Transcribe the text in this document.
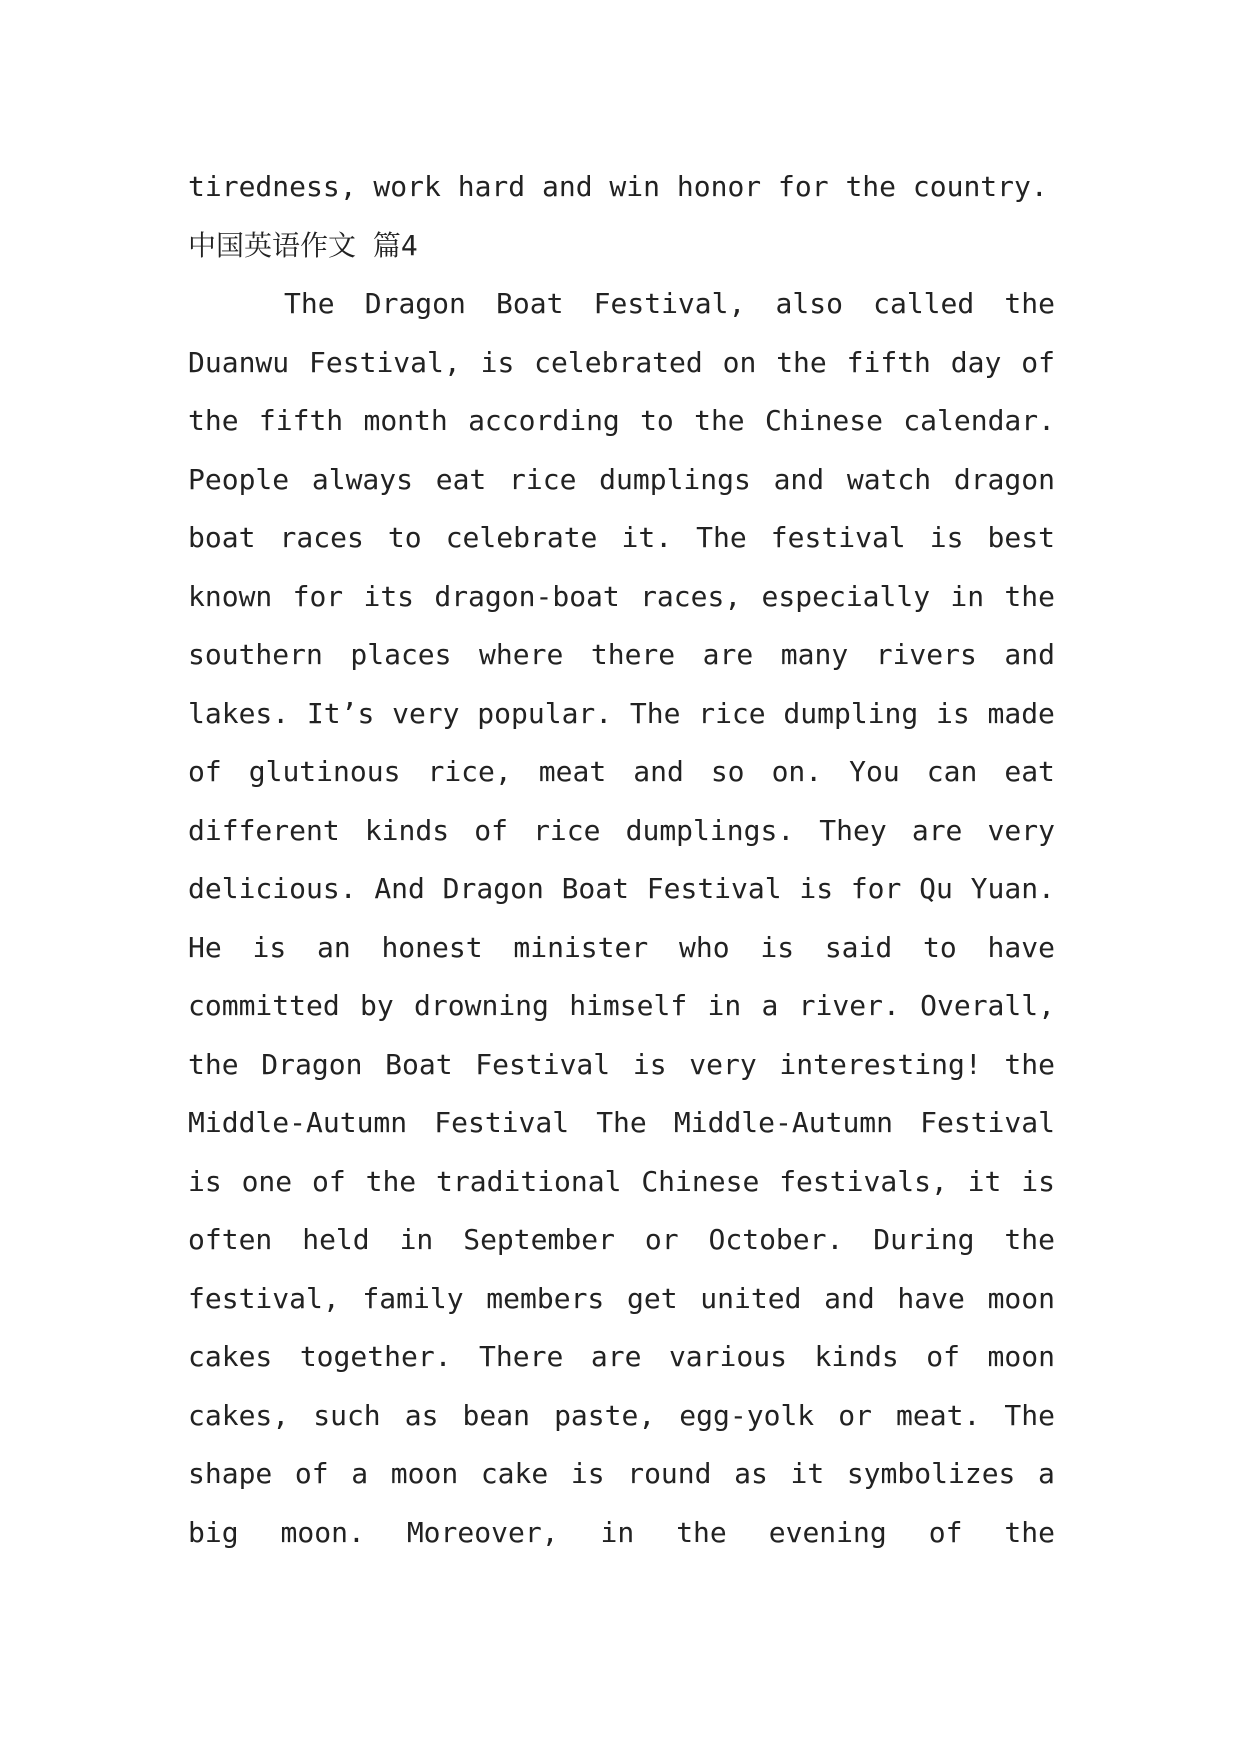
tiredness, work hard and win honor for the country.
中国英语作文 篇4
The Dragon Boat Festival, also called the
Duanwu Festival, is celebrated on the fifth day of
the fifth month according to the Chinese calendar.
People always eat rice dumplings and watch dragon
boat races to celebrate it. The festival is best
known for its dragon-boat races, especially in the
southern places where there are many rivers and
lakes. It’s very popular. The rice dumpling is made
of glutinous rice, meat and so on. You can eat
different kinds of rice dumplings. They are very
delicious. And Dragon Boat Festival is for Qu Yuan.
He is an honest minister who is said to have
committed by drowning himself in a river. Overall,
the Dragon Boat Festival is very interesting! the
Middle-Autumn Festival The Middle-Autumn Festival
is one of the traditional Chinese festivals, it is
often held in September or October. During the
festival, family members get united and have moon
cakes together. There are various kinds of moon
cakes, such as bean paste, egg-yolk or meat. The
shape of a moon cake is round as it symbolizes a
big moon. Moreover, in the evening of the
